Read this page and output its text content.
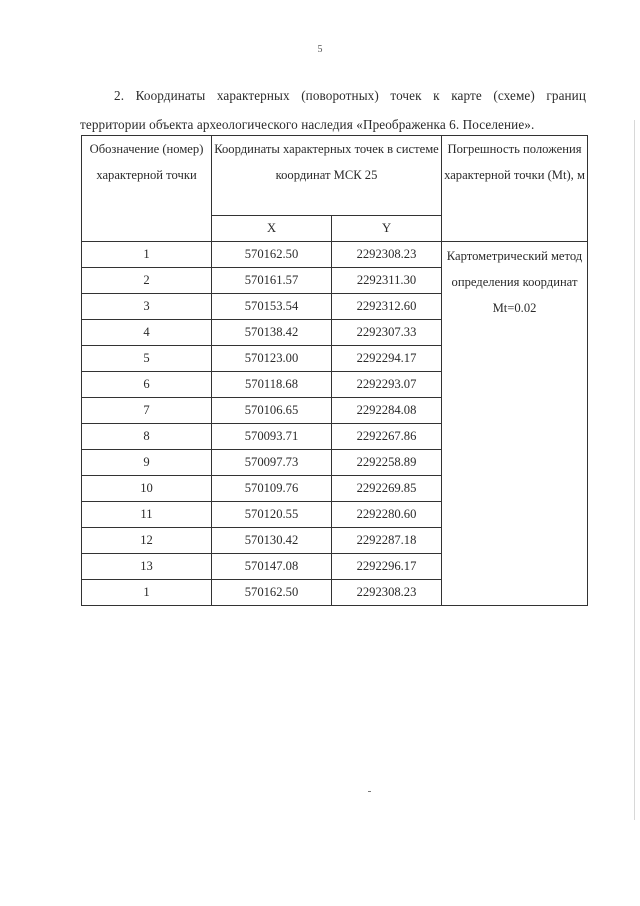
5

2. Координаты характерных (поворотных) точек к карте (схеме) границ территории объекта археологического наследия «Преображенка 6. Поселение».

Обозначение (номер) характерной точки	Координаты характерных точек в системе координат МСК 25		Погрешность положения характерной точки (Mt), м
	X	Y	
1	570162.50	2292308.23	Картометрический метод определения координат Mt=0.02
2	570161.57	2292311.30	
3	570153.54	2292312.60	
4	570138.42	2292307.33	
5	570123.00	2292294.17	
6	570118.68	2292293.07	
7	570106.65	2292284.08	
8	570093.71	2292267.86	
9	570097.73	2292258.89	
10	570109.76	2292269.85	
11	570120.55	2292280.60	
12	570130.42	2292287.18	
13	570147.08	2292296.17	
1	570162.50	2292308.23	
